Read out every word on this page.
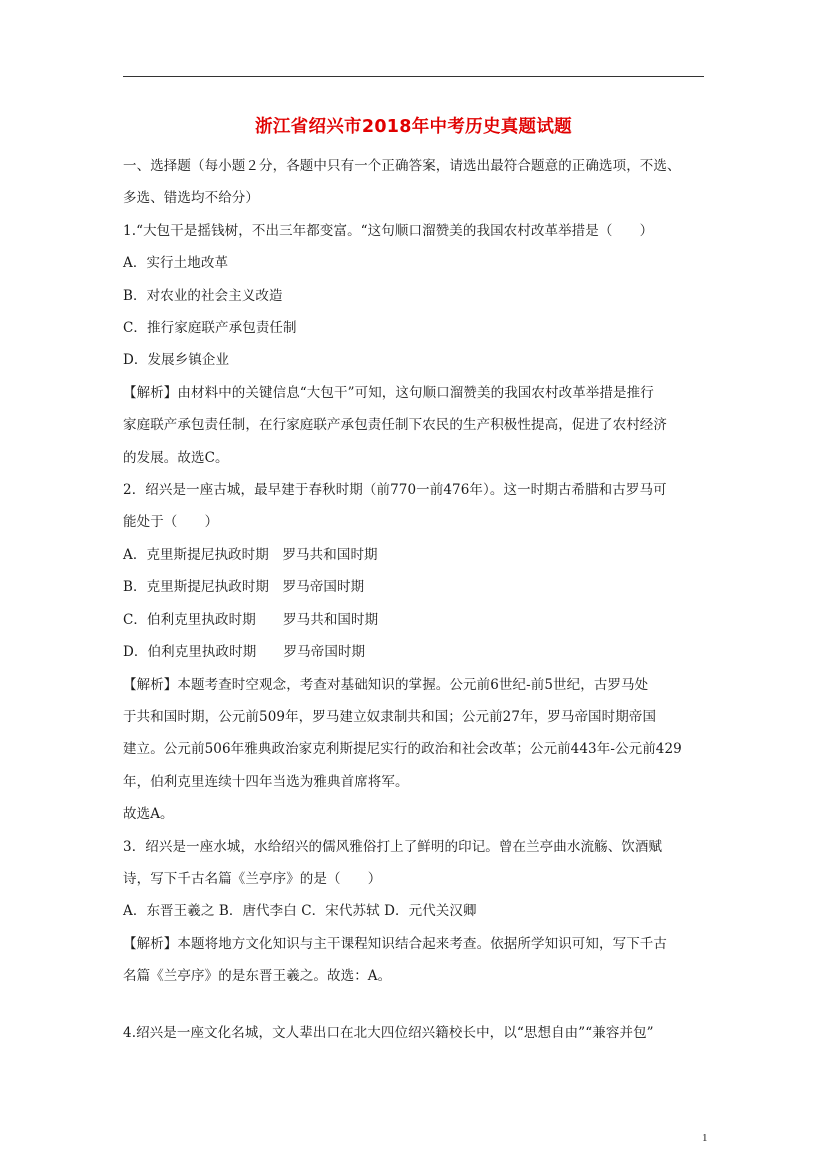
浙江省绍兴市2018年中考历史真题试题

一、选择题（每小题２分，各题中只有一个正确答案，请选出最符合题意的正确选项，不选、

多选、错选均不给分）

1.“大包干是摇钱树，不出三年都变富。“这句顺口溜赞美的我国农村改革举措是（　　）

A．实行土地改革

B．对农业的社会主义改造

C．推行家庭联产承包责任制

D．发展乡镇企业

【解析】由材料中的关键信息“大包干”可知，这句顺口溜赞美的我国农村改革举措是推行

家庭联产承包责任制，在行家庭联产承包责任制下农民的生产积极性提高，促进了农村经济

的发展。故选C。

2．绍兴是一座古城，最早建于春秋时期（前770一前476年）。这一时期古希腊和古罗马可

能处于（　　）

A．克里斯提尼执政时期　罗马共和国时期

B．克里斯提尼执政时期　罗马帝国时期

C．伯利克里执政时期　　罗马共和国时期

D．伯利克里执政时期　　罗马帝国时期

【解析】本题考查时空观念，考查对基础知识的掌握。公元前6世纪-前5世纪，古罗马处

于共和国时期，公元前509年，罗马建立奴隶制共和国；公元前27年，罗马帝国时期帝国

建立。公元前506年雅典政治家克利斯提尼实行的政治和社会改革；公元前443年-公元前429

年，伯利克里连续十四年当选为雅典首席将军。

故选A。

3．绍兴是一座水城，水给绍兴的儒风雅俗打上了鲜明的印记。曾在兰亭曲水流觞、饮酒赋

诗，写下千古名篇《兰亭序》的是（　　）

A．东晋王羲之 B．唐代李白 C．宋代苏轼 D．元代关汉卿

【解析】本题将地方文化知识与主干课程知识结合起来考查。依据所学知识可知，写下千古

名篇《兰亭序》的是东晋王羲之。故选：A。

4.绍兴是一座文化名城，文人辈出口在北大四位绍兴籍校长中，以“思想自由”“兼容并包”

1
